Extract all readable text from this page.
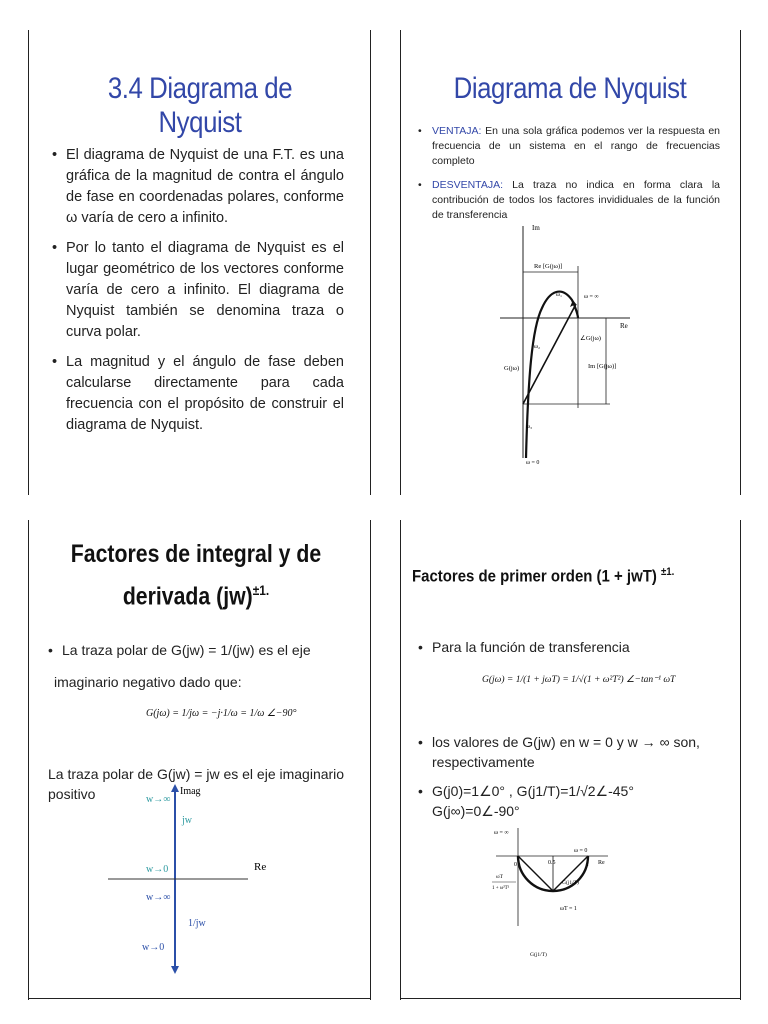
3.4 Diagrama de Nyquist
• El diagrama de Nyquist de una F.T. es una gráfica de la magnitud de contra el ángulo de fase en coordenadas polares, conforme ω varía de cero a infinito.
• Por lo tanto el diagrama de Nyquist es el lugar geométrico de los vectores conforme varía de cero a infinito. El diagrama de Nyquist también se denomina traza o curva polar.
• La magnitud y el ángulo de fase deben calcularse directamente para cada frecuencia con el propósito de construir el diagrama de Nyquist.
Diagrama de Nyquist
• VENTAJA: En una sola gráfica podemos ver la respuesta en frecuencia de un sistema en el rango de frecuencias completo
• DESVENTAJA: La traza no indica en forma clara la contribución de todos los factores invididuales de la función de transferencia
Im
Re
Re [G(jω)]
Im [G(jω)]
∠G(jω)
G(jω)
ω = ∞
ω = 0
ω₁
ω₂
ω₃
Factores de integral y de
derivada (jw)$^{\pm 1.}$
• La traza polar de G(jw) = 1/(jw) es el eje
imaginario negativo dado que:
G(jω) = 1/jω = −j·1/ω = 1/ω ∠−90°
La traza polar de G(jw) = jw es el eje imaginario positivo	Imag
Re
jw
1/jw
w→∞
w→0
w→∞
w→0
Factores de primer orden (1 + jwT) $^{\pm 1.}$
• Para la función de transferencia
G(jω) = 1/(1 + jωT) = 1/√(1 + ω²T²) ∠−tan⁻¹ ωT
• los valores de G(jw) en w = 0 y w → ∞ son, respectivamente
• G(j0)=1∠0° , G(j1/T)=1/√2∠-45° G(j∞)=0∠-90°
ω = ∞
0	0.5	1 Re
ω = 0
ωT = 1
G(j1/T)
G(j1/T)
ωT
1 + ω²T²
